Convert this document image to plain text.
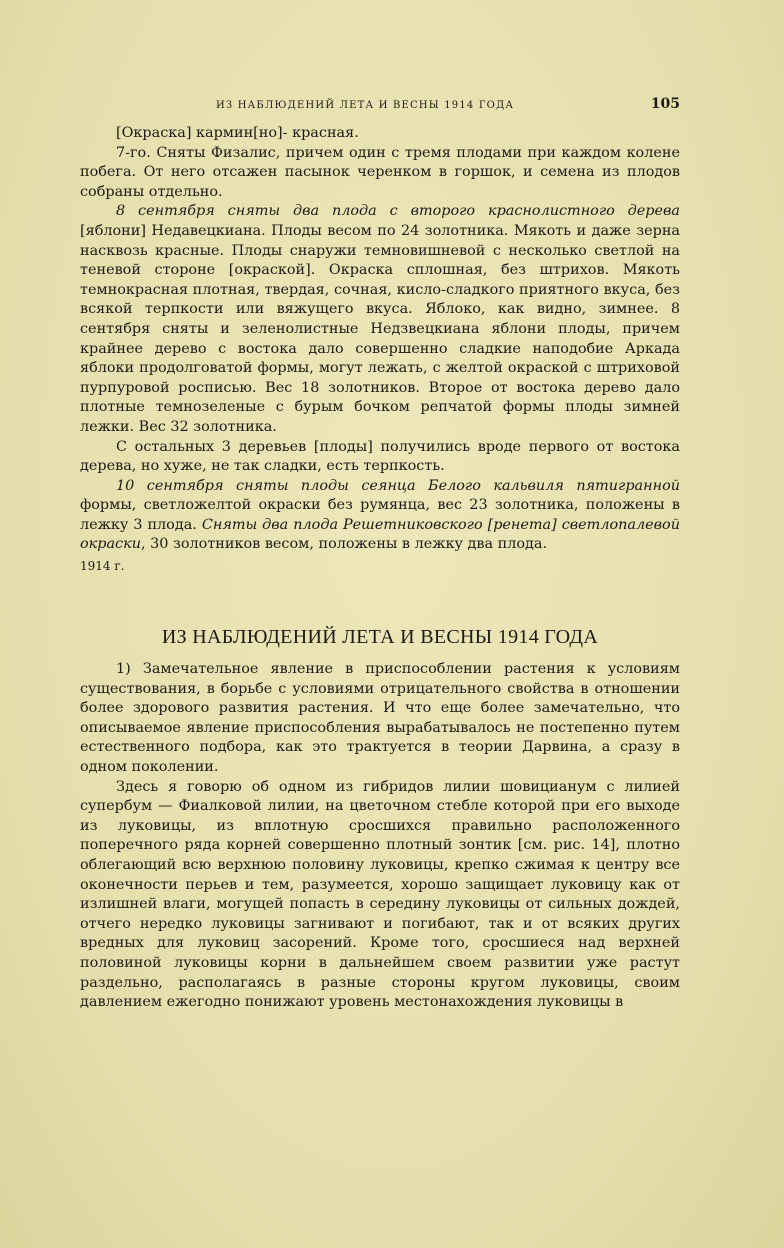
ИЗ НАБЛЮДЕНИЙ ЛЕТА И ВЕСНЫ 1914 ГОДА	105

[Окраска] кармин[но]- красная.

7-го. Сняты Физалис, причем один с тремя плодами при каждом колене побега. От него отсажен пасынок черенком в горшок, и семена из плодов собраны отдельно.

8 сентября сняты два плода с второго краснолистного дерева [яблони] Недавецкиана. Плоды весом по 24 золотника. Мякоть и даже зерна насквозь красные. Плоды снаружи темновишневой с несколько светлой на теневой стороне [окраской]. Окраска сплошная, без штрихов. Мякоть темнокрасная плотная, твердая, сочная, кисло-сладкого приятного вкуса, без всякой терпкости или вяжущего вкуса. Яблоко, как видно, зимнее. 8 сентября сняты и зеленолистные Недзвецкиана яблони плоды, причем крайнее дерево с востока дало совершенно сладкие наподобие Аркада яблоки продолговатой формы, могут лежать, с желтой окраской с штриховой пурпуровой росписью. Вес 18 золотников. Второе от востока дерево дало плотные темнозеленые с бурым бочком репчатой формы плоды зимней лежки. Вес 32 золотника.

С остальных 3 деревьев [плоды] получились вроде первого от востока дерева, но хуже, не так сладки, есть терпкость.

10 сентября сняты плоды сеянца Белого кальвиля пятигранной формы, светложелтой окраски без румянца, вес 23 золотника, положены в лежку 3 плода. Сняты два плода Решетниковского [ренета] светлопалевой окраски, 30 золотников весом, положены в лежку два плода.

1914 г.

ИЗ НАБЛЮДЕНИЙ ЛЕТА И ВЕСНЫ 1914 ГОДА

1) Замечательное явление в приспособлении растения к условиям существования, в борьбе с условиями отрицательного свойства в отношении более здорового развития растения. И что еще более замечательно, что описываемое явление приспособления вырабатывалось не постепенно путем естественного подбора, как это трактуется в теории Дарвина, а сразу в одном поколении.

Здесь я говорю об одном из гибридов лилии шовицианум с лилией супербум — Фиалковой лилии, на цветочном стебле которой при его выходе из луковицы, из вплотную сросшихся правильно расположенного поперечного ряда корней совершенно плотный зонтик [см. рис. 14], плотно облегающий всю верхнюю половину луковицы, крепко сжимая к центру все оконечности перьев и тем, разумеется, хорошо защищает луковицу как от излишней влаги, могущей попасть в середину луковицы от сильных дождей, отчего нередко луковицы загнивают и погибают, так и от всяких других вредных для луковиц засорений. Кроме того, сросшиеся над верхней половиной луковицы корни в дальнейшем своем развитии уже растут раздельно, располагаясь в разные стороны кругом луковицы, своим давлением ежегодно понижают уровень местонахождения луковицы в
